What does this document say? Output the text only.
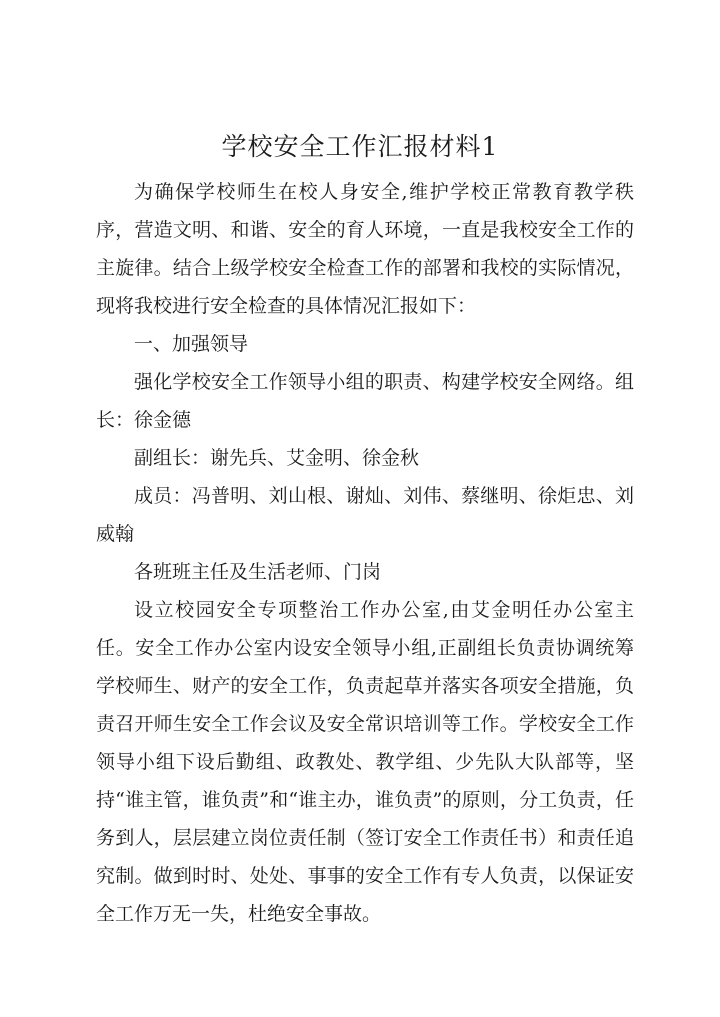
学校安全工作汇报材料1

为确保学校师生在校人身安全,维护学校正常教育教学秩序，营造文明、和谐、安全的育人环境，一直是我校安全工作的主旋律。结合上级学校安全检查工作的部署和我校的实际情况，现将我校进行安全检查的具体情况汇报如下：

一、加强领导

强化学校安全工作领导小组的职责、构建学校安全网络。组长：徐金德

副组长：谢先兵、艾金明、徐金秋

成员：冯普明、刘山根、谢灿、刘伟、蔡继明、徐炬忠、刘威翰

各班班主任及生活老师、门岗

设立校园安全专项整治工作办公室,由艾金明任办公室主任。安全工作办公室内设安全领导小组,正副组长负责协调统筹学校师生、财产的安全工作，负责起草并落实各项安全措施，负责召开师生安全工作会议及安全常识培训等工作。学校安全工作领导小组下设后勤组、政教处、教学组、少先队大队部等，坚持“谁主管，谁负责”和“谁主办，谁负责”的原则，分工负责，任务到人，层层建立岗位责任制（签订安全工作责任书）和责任追究制。做到时时、处处、事事的安全工作有专人负责，以保证安全工作万无一失，杜绝安全事故。
